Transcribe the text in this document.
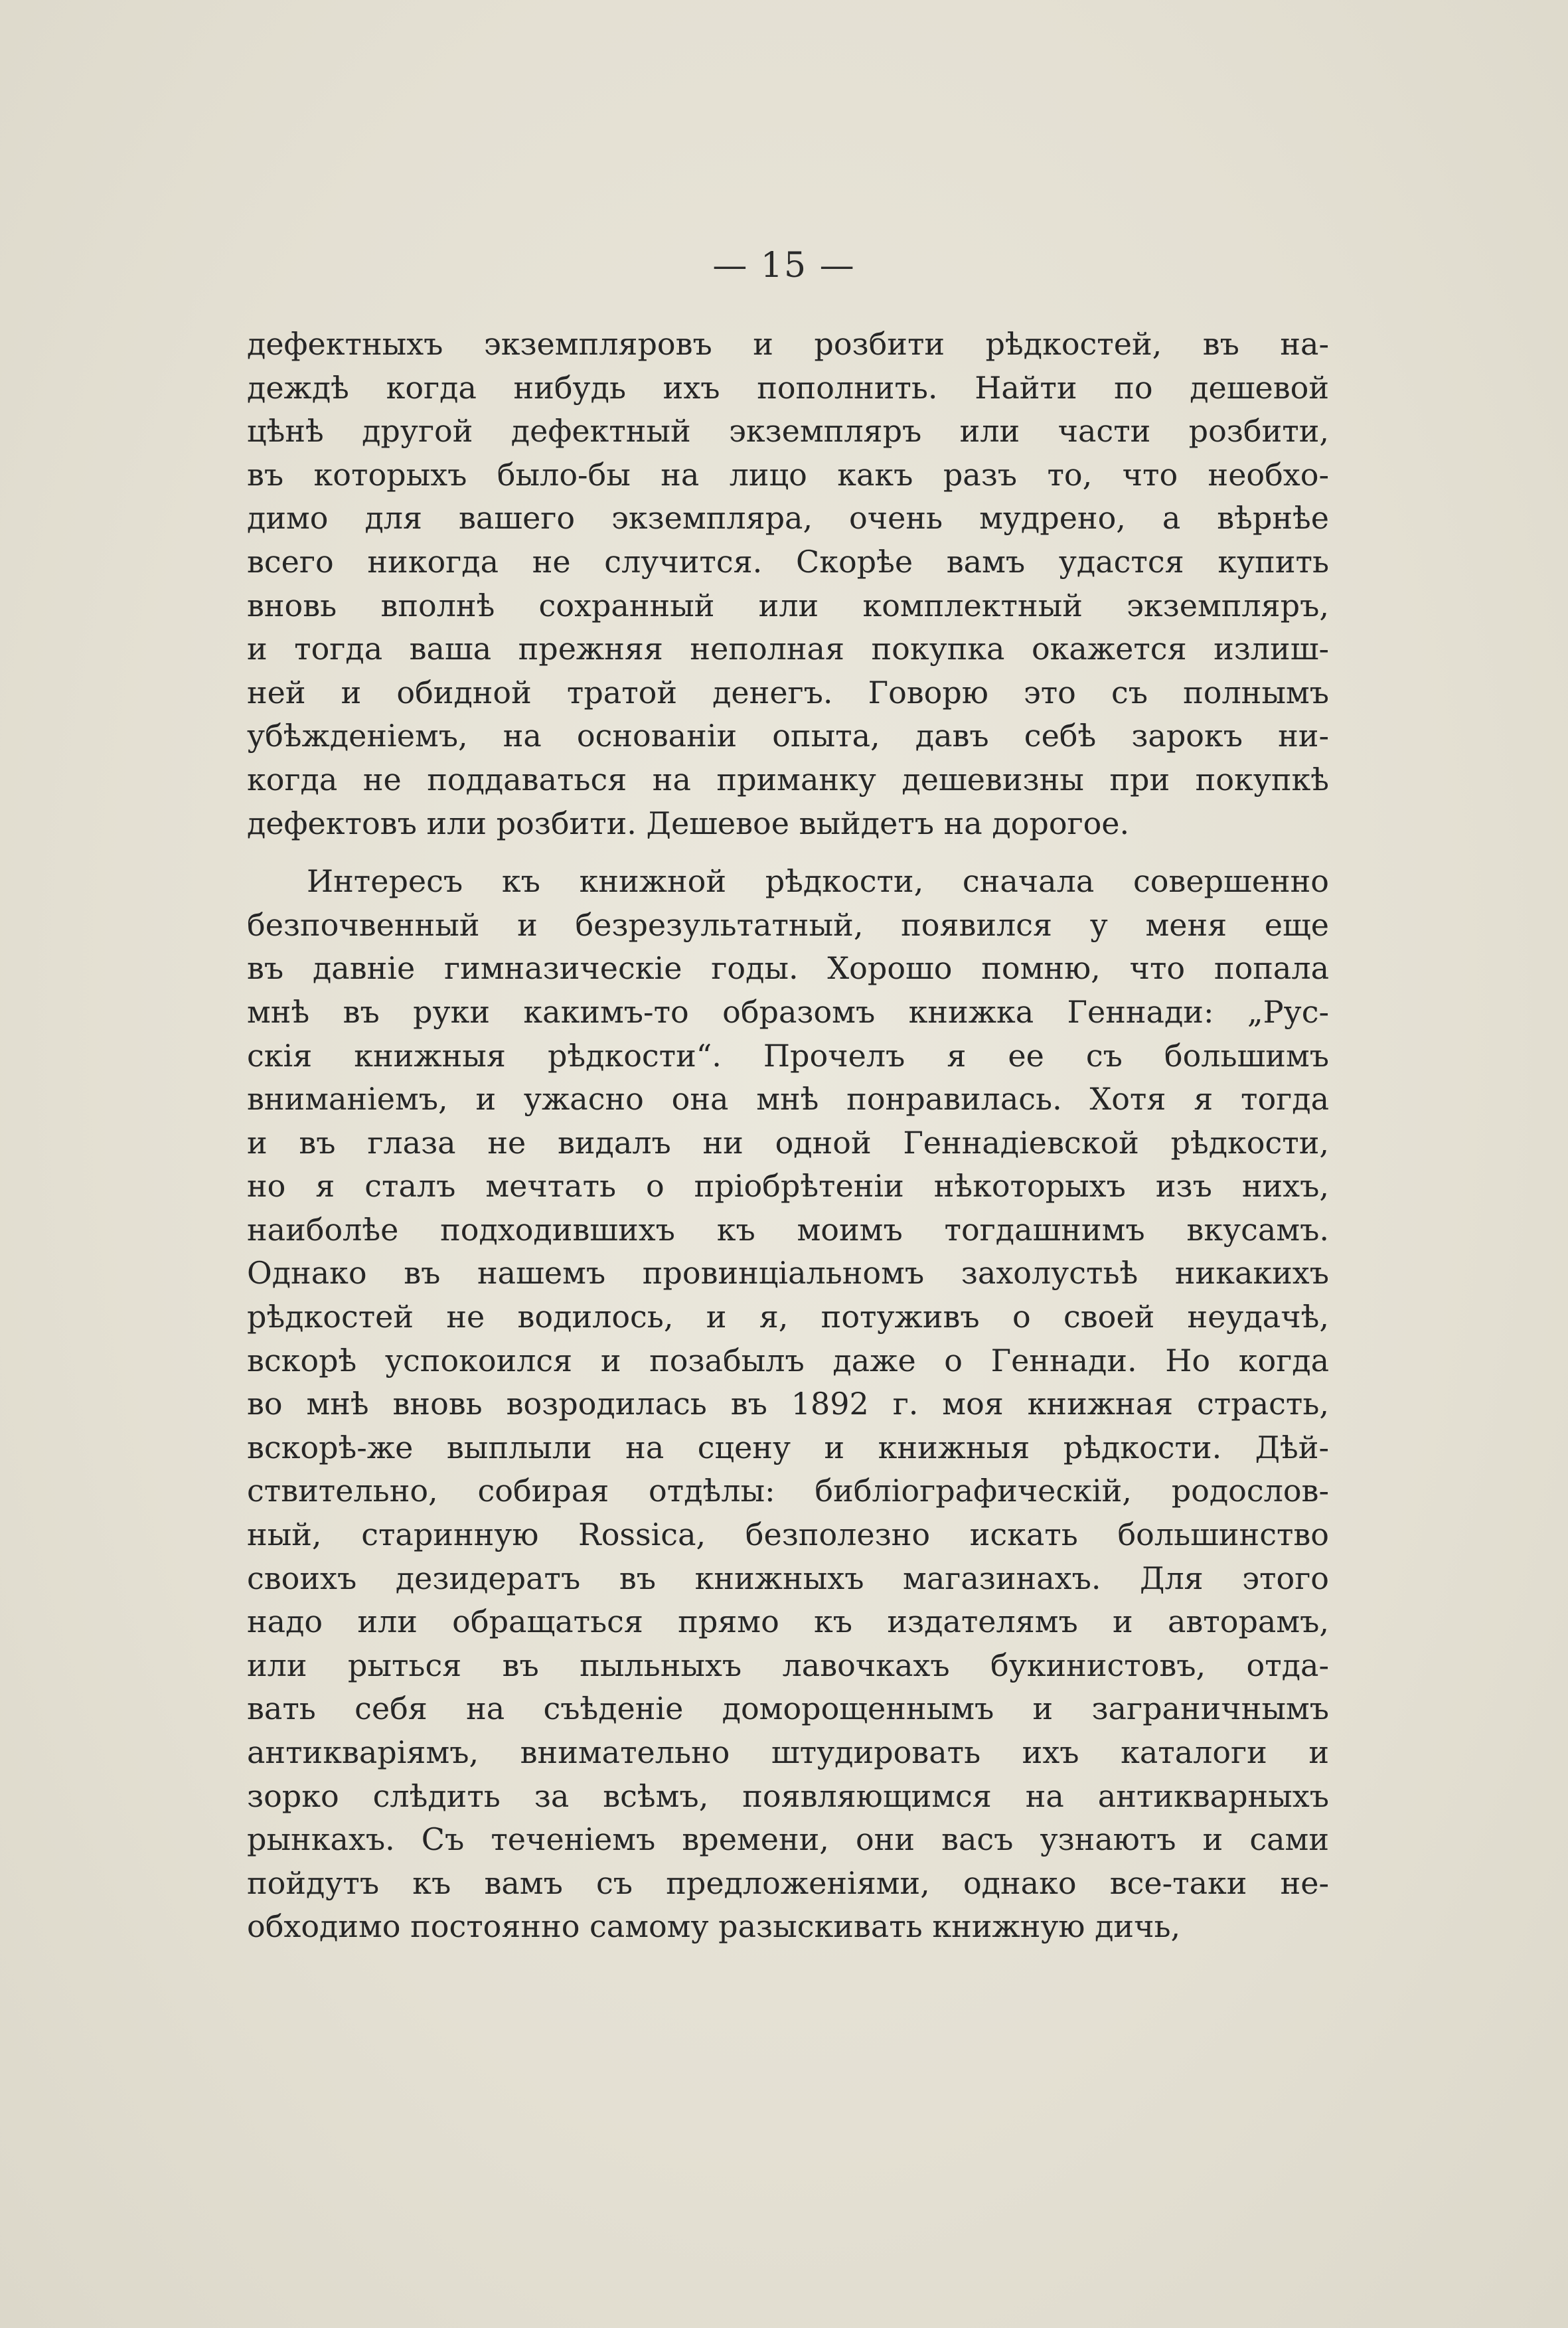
— 15 —
дефектныхъ экземпляровъ и розбити рѣдкостей, въ на-
деждѣ когда нибудь ихъ пополнить. Найти по дешевой
цѣнѣ другой дефектный экземпляръ или части розбити,
въ которыхъ было-бы на лицо какъ разъ то, что необхо-
димо для вашего экземпляра, очень мудрено, а вѣрнѣе
всего никогда не случится. Скорѣе вамъ удастся купить
вновь вполнѣ сохранный или комплектный экземпляръ,
и тогда ваша прежняя неполная покупка окажется излиш-
ней и обидной тратой денегъ. Говорю это съ полнымъ
убѣжденіемъ, на основаніи опыта, давъ себѣ зарокъ ни-
когда не поддаваться на приманку дешевизны при покупкѣ
дефектовъ или розбити. Дешевое выйдетъ на дорогое.
Интересъ къ книжной рѣдкости, сначала совершенно
безпочвенный и безрезультатный, появился у меня еще
въ давніе гимназическіе годы. Хорошо помню, что попала
мнѣ въ руки какимъ-то образомъ книжка Геннади: „Рус-
скія книжныя рѣдкости“. Прочелъ я ее съ большимъ
вниманіемъ, и ужасно она мнѣ понравилась. Хотя я тогда
и въ глаза не видалъ ни одной Геннадіевской рѣдкости,
но я сталъ мечтать о пріобрѣтеніи нѣкоторыхъ изъ нихъ,
наиболѣе подходившихъ къ моимъ тогдашнимъ вкусамъ.
Однако въ нашемъ провинціальномъ захолустьѣ никакихъ
рѣдкостей не водилось, и я, потуживъ о своей неудачѣ,
вскорѣ успокоился и позабылъ даже о Геннади. Но когда
во мнѣ вновь возродилась въ 1892 г. моя книжная страсть,
вскорѣ-же выплыли на сцену и книжныя рѣдкости. Дѣй-
ствительно, собирая отдѣлы: библіографическій, родослов-
ный, старинную Rossica, безполезно искать большинство
своихъ дезидератъ въ книжныхъ магазинахъ. Для этого
надо или обращаться прямо къ издателямъ и авторамъ,
или рыться въ пыльныхъ лавочкахъ букинистовъ, отда-
вать себя на съѣденіе доморощеннымъ и заграничнымъ
антикваріямъ, внимательно штудировать ихъ каталоги и
зорко слѣдить за всѣмъ, появляющимся на антикварныхъ
рынкахъ. Съ теченіемъ времени, они васъ узнаютъ и сами
пойдутъ къ вамъ съ предложеніями, однако все-таки не-
обходимо постоянно самому разыскивать книжную дичь,
